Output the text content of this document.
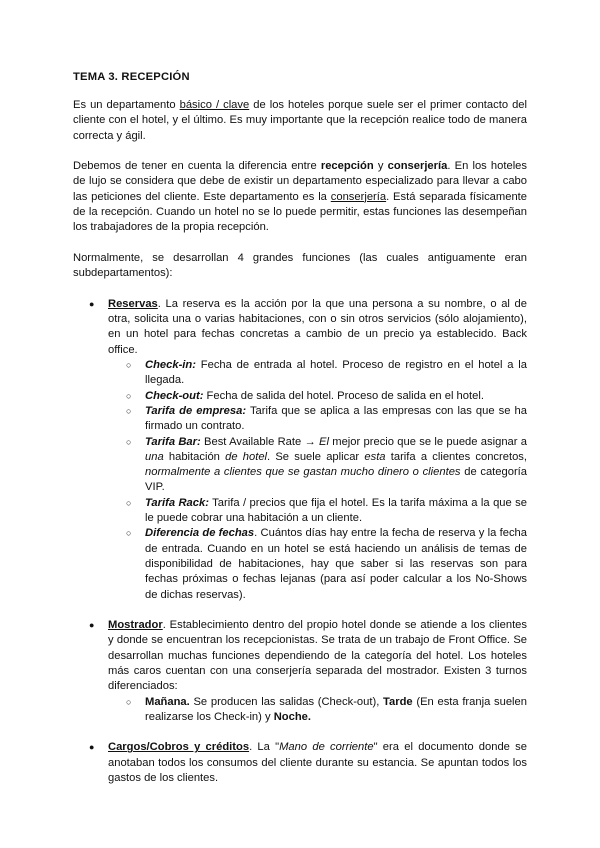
TEMA 3. RECEPCIÓN

Es un departamento básico / clave de los hoteles porque suele ser el primer contacto del cliente con el hotel, y el último. Es muy importante que la recepción realice todo de manera correcta y ágil.

Debemos de tener en cuenta la diferencia entre recepción y conserjería. En los hoteles de lujo se considera que debe de existir un departamento especializado para llevar a cabo las peticiones del cliente. Este departamento es la conserjería. Está separada físicamente de la recepción. Cuando un hotel no se lo puede permitir, estas funciones las desempeñan los trabajadores de la propia recepción.

Normalmente, se desarrollan 4 grandes funciones (las cuales antiguamente eran subdepartamentos):

● Reservas. La reserva es la acción por la que una persona a su nombre, o al de otra, solicita una o varias habitaciones, con o sin otros servicios (sólo alojamiento), en un hotel para fechas concretas a cambio de un precio ya establecido. Back office.
○ Check-in: Fecha de entrada al hotel. Proceso de registro en el hotel a la llegada.
○ Check-out: Fecha de salida del hotel. Proceso de salida en el hotel.
○ Tarifa de empresa: Tarifa que se aplica a las empresas con las que se ha firmado un contrato.
○ Tarifa Bar: Best Available Rate → El mejor precio que se le puede asignar a una habitación de hotel. Se suele aplicar esta tarifa a clientes concretos, normalmente a clientes que se gastan mucho dinero o clientes de categoría VIP.
○ Tarifa Rack: Tarifa / precios que fija el hotel. Es la tarifa máxima a la que se le puede cobrar una habitación a un cliente.
○ Diferencia de fechas. Cuántos días hay entre la fecha de reserva y la fecha de entrada. Cuando en un hotel se está haciendo un análisis de temas de disponibilidad de habitaciones, hay que saber si las reservas son para fechas próximas o fechas lejanas (para así poder calcular a los No-Shows de dichas reservas).
● Mostrador. Establecimiento dentro del propio hotel donde se atiende a los clientes y donde se encuentran los recepcionistas. Se trata de un trabajo de Front Office. Se desarrollan muchas funciones dependiendo de la categoría del hotel. Los hoteles más caros cuentan con una conserjería separada del mostrador. Existen 3 turnos diferenciados:
○ Mañana. Se producen las salidas (Check-out), Tarde (En esta franja suelen realizarse los Check-in) y Noche.
● Cargos/Cobros y créditos. La "Mano de corriente" era el documento donde se anotaban todos los consumos del cliente durante su estancia. Se apuntan todos los gastos de los clientes.
